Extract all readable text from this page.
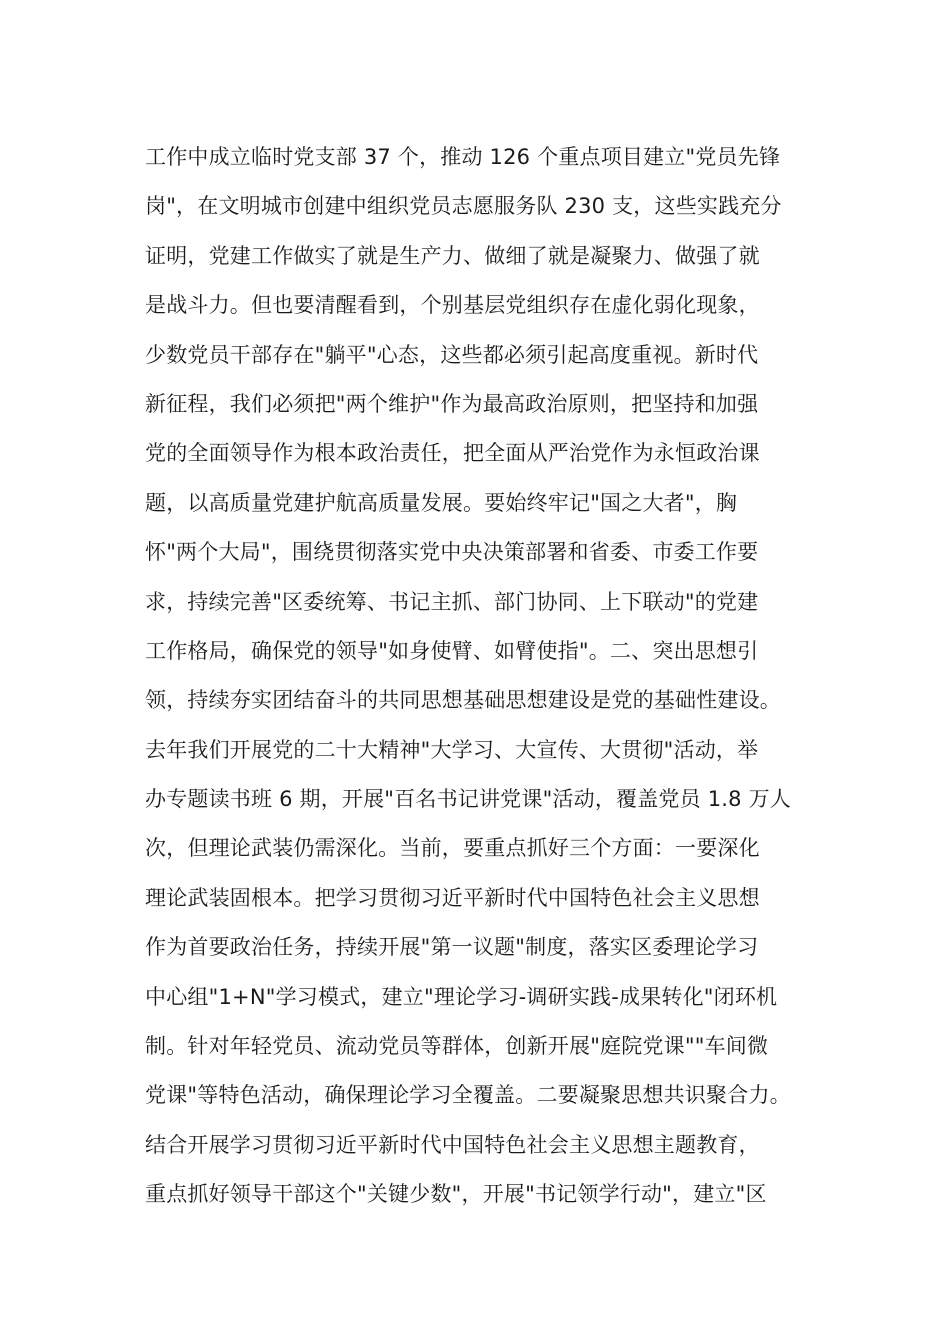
工作中成立临时党支部 37 个，推动 126 个重点项目建立"党员先锋
岗"，在文明城市创建中组织党员志愿服务队 230 支，这些实践充分
证明，党建工作做实了就是生产力、做细了就是凝聚力、做强了就
是战斗力。但也要清醒看到，个别基层党组织存在虚化弱化现象，
少数党员干部存在"躺平"心态，这些都必须引起高度重视。新时代
新征程，我们必须把"两个维护"作为最高政治原则，把坚持和加强
党的全面领导作为根本政治责任，把全面从严治党作为永恒政治课
题，以高质量党建护航高质量发展。要始终牢记"国之大者"，胸
怀"两个大局"，围绕贯彻落实党中央决策部署和省委、市委工作要
求，持续完善"区委统筹、书记主抓、部门协同、上下联动"的党建
工作格局，确保党的领导"如身使臂、如臂使指"。二、突出思想引
领，持续夯实团结奋斗的共同思想基础思想建设是党的基础性建设。
去年我们开展党的二十大精神"大学习、大宣传、大贯彻"活动，举
办专题读书班 6 期，开展"百名书记讲党课"活动，覆盖党员 1.8 万人
次，但理论武装仍需深化。当前，要重点抓好三个方面：一要深化
理论武装固根本。把学习贯彻习近平新时代中国特色社会主义思想
作为首要政治任务，持续开展"第一议题"制度，落实区委理论学习
中心组"1+N"学习模式，建立"理论学习-调研实践-成果转化"闭环机
制。针对年轻党员、流动党员等群体，创新开展"庭院党课""车间微
党课"等特色活动，确保理论学习全覆盖。二要凝聚思想共识聚合力。
结合开展学习贯彻习近平新时代中国特色社会主义思想主题教育，
重点抓好领导干部这个"关键少数"，开展"书记领学行动"，建立"区
